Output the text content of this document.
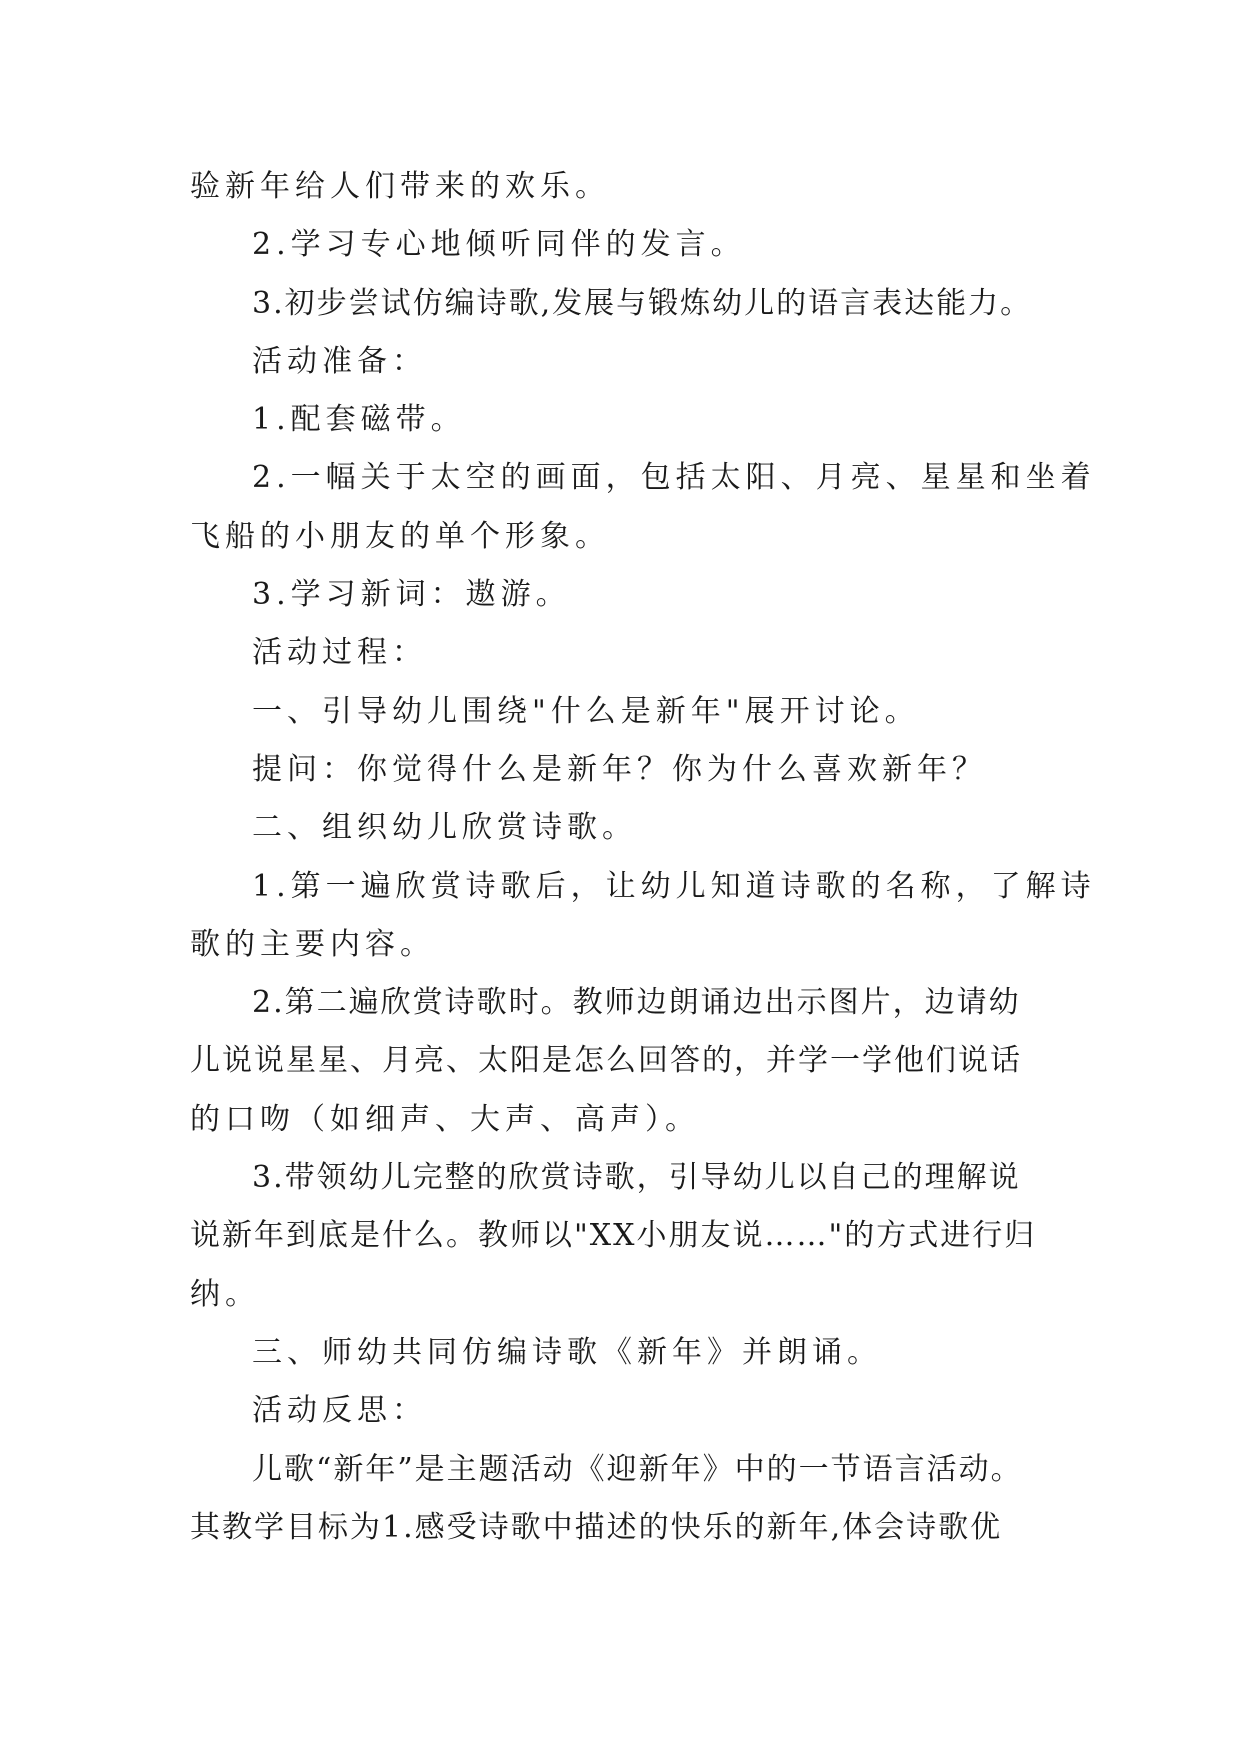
验新年给人们带来的欢乐。
2.学习专心地倾听同伴的发言。
3.初步尝试仿编诗歌,发展与锻炼幼儿的语言表达能力。
活动准备：
1.配套磁带。
2.一幅关于太空的画面，包括太阳、月亮、星星和坐着
飞船的小朋友的单个形象。
3.学习新词：遨游。
活动过程：
一、引导幼儿围绕"什么是新年"展开讨论。
提问：你觉得什么是新年？你为什么喜欢新年？
二、组织幼儿欣赏诗歌。
1.第一遍欣赏诗歌后，让幼儿知道诗歌的名称，了解诗
歌的主要内容。
2.第二遍欣赏诗歌时。教师边朗诵边出示图片，边请幼
儿说说星星、月亮、太阳是怎么回答的，并学一学他们说话
的口吻（如细声、大声、高声）。
3.带领幼儿完整的欣赏诗歌，引导幼儿以自己的理解说
说新年到底是什么。教师以"XX小朋友说……"的方式进行归
纳。
三、师幼共同仿编诗歌《新年》并朗诵。
活动反思：
儿歌“新年”是主题活动《迎新年》中的一节语言活动。
其教学目标为1.感受诗歌中描述的快乐的新年,体会诗歌优
